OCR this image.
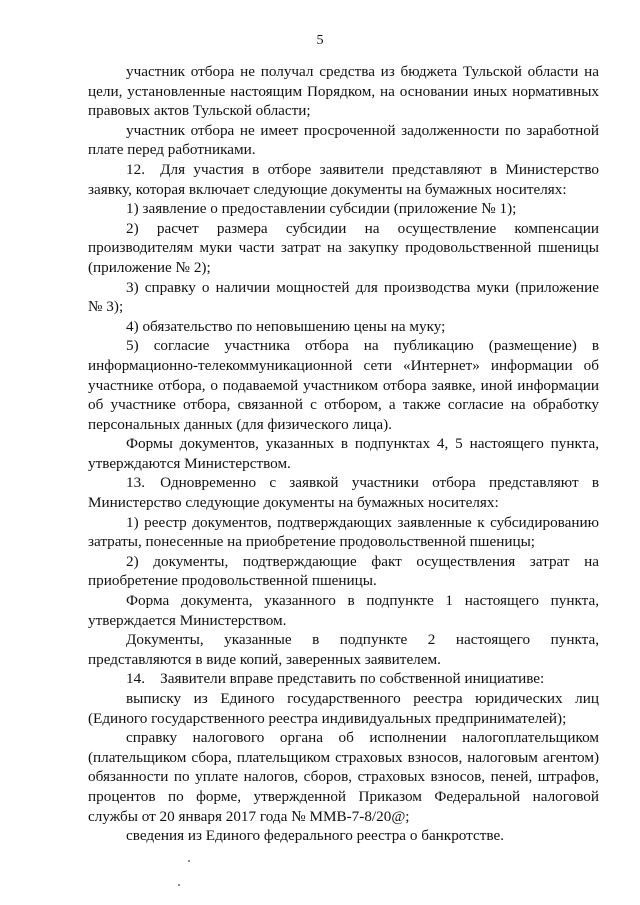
5

участник отбора не получал средства из бюджета Тульской области на цели, установленные настоящим Порядком, на основании иных нормативных правовых актов Тульской области;

участник отбора не имеет просроченной задолженности по заработной плате перед работниками.

12. Для участия в отборе заявители представляют в Министерство заявку, которая включает следующие документы на бумажных носителях:

1) заявление о предоставлении субсидии (приложение № 1);

2) расчет размера субсидии на осуществление компенсации производителям муки части затрат на закупку продовольственной пшеницы (приложение № 2);

3) справку о наличии мощностей для производства муки (приложение № 3);

4) обязательство по неповышению цены на муку;

5) согласие участника отбора на публикацию (размещение) в информационно-телекоммуникационной сети «Интернет» информации об участнике отбора, о подаваемой участником отбора заявке, иной информации об участнике отбора, связанной с отбором, а также согласие на обработку персональных данных (для физического лица).

Формы документов, указанных в подпунктах 4, 5 настоящего пункта, утверждаются Министерством.

13. Одновременно с заявкой участники отбора представляют в Министерство следующие документы на бумажных носителях:

1) реестр документов, подтверждающих заявленные к субсидированию затраты, понесенные на приобретение продовольственной пшеницы;

2) документы, подтверждающие факт осуществления затрат на приобретение продовольственной пшеницы.

Форма документа, указанного в подпункте 1 настоящего пункта, утверждается Министерством.

Документы, указанные в подпункте 2 настоящего пункта, представляются в виде копий, заверенных заявителем.

14. Заявители вправе представить по собственной инициативе:

выписку из Единого государственного реестра юридических лиц (Единого государственного реестра индивидуальных предпринимателей);

справку налогового органа об исполнении налогоплательщиком (плательщиком сбора, плательщиком страховых взносов, налоговым агентом) обязанности по уплате налогов, сборов, страховых взносов, пеней, штрафов, процентов по форме, утвержденной Приказом Федеральной налоговой службы от 20 января 2017 года № ММВ-7-8/20@;

сведения из Единого федерального реестра о банкротстве.
